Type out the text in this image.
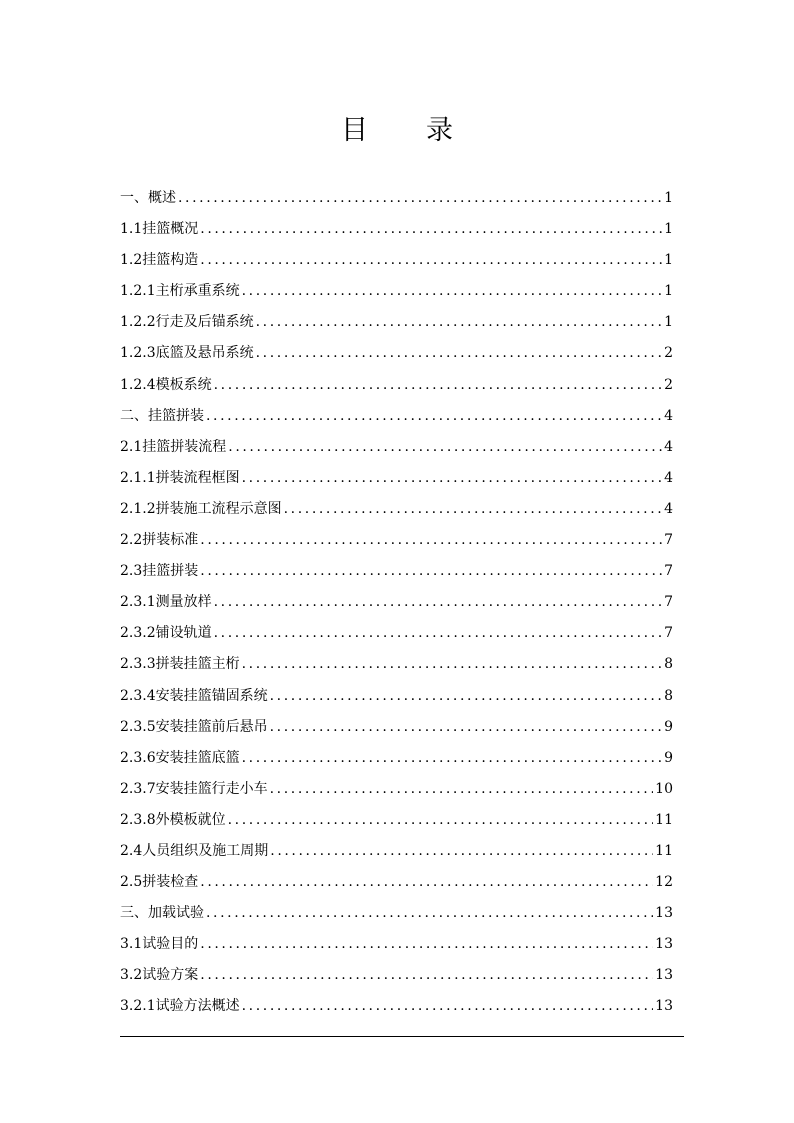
目录
一、概述 .....	1
1.1挂篮概况 .....	1
1.2挂篮构造 .....	1
1.2.1主桁承重系统 .....	1
1.2.2行走及后锚系统 .....	1
1.2.3底篮及悬吊系统 .....	2
1.2.4模板系统 .....	2
二、挂篮拼装 .....	4
2.1挂篮拼装流程 .....	4
2.1.1拼装流程框图 .....	4
2.1.2拼装施工流程示意图 .....	4
2.2拼装标准 .....	7
2.3挂篮拼装 .....	7
2.3.1测量放样 .....	7
2.3.2铺设轨道 .....	7
2.3.3拼装挂篮主桁 .....	8
2.3.4安装挂篮锚固系统 .....	8
2.3.5安装挂篮前后悬吊 .....	9
2.3.6安装挂篮底篮 .....	9
2.3.7安装挂篮行走小车 .....	10
2.3.8外模板就位 .....	11
2.4人员组织及施工周期 .....	11
2.5拼装检查 .....	12
三、加载试验 .....	13
3.1试验目的 .....	13
3.2试验方案 .....	13
3.2.1试验方法概述 .....	13
